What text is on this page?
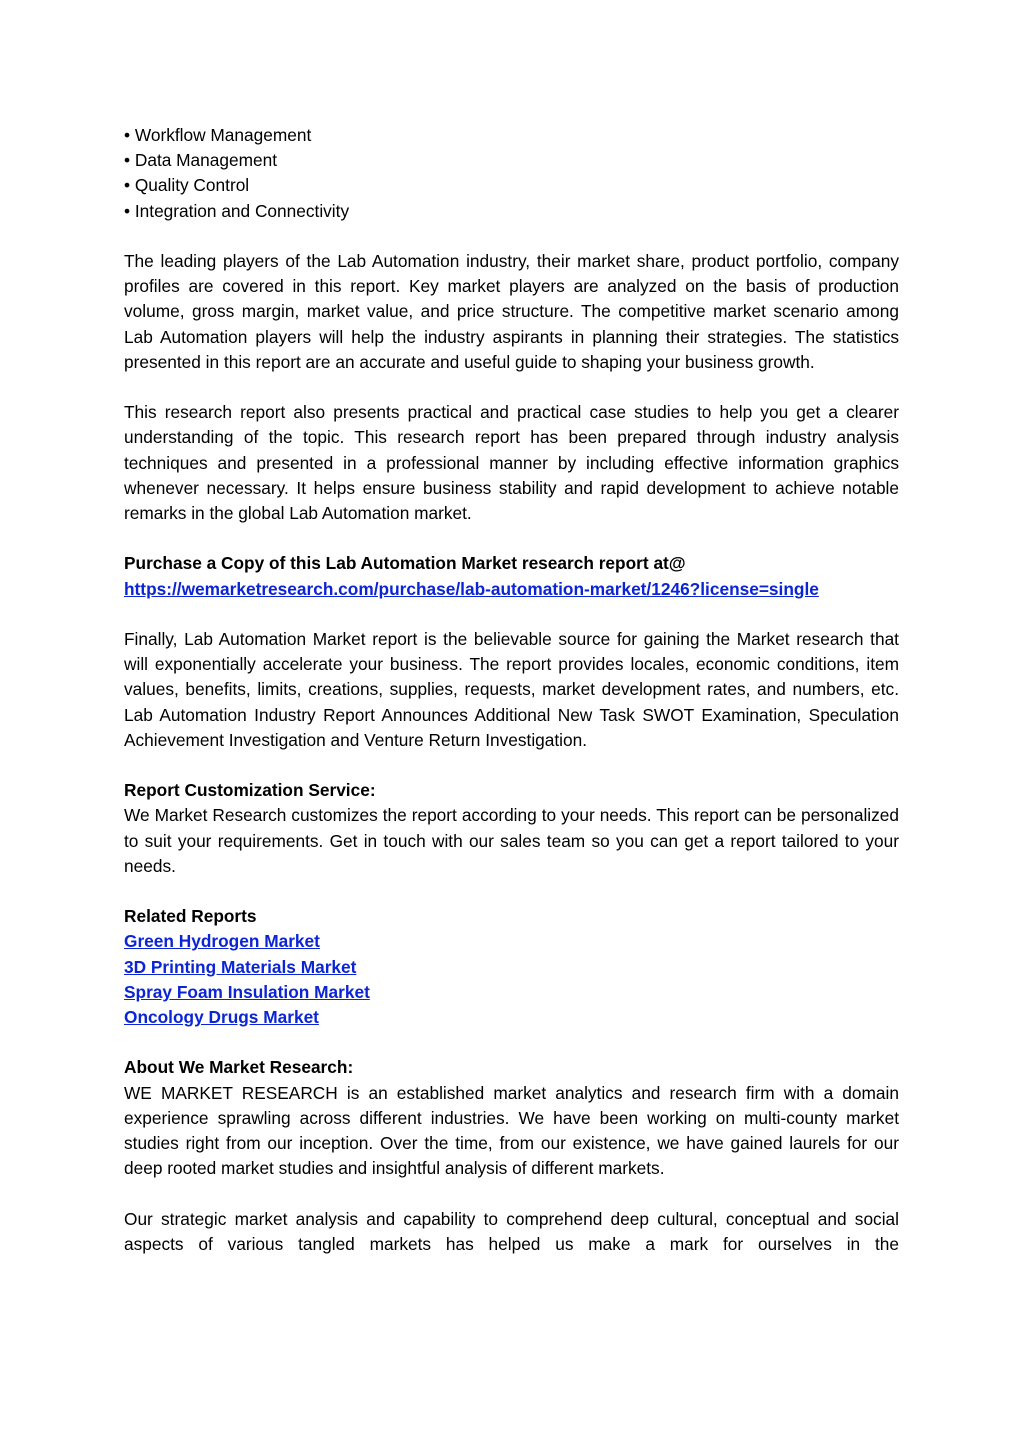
• Workflow Management
• Data Management
• Quality Control
• Integration and Connectivity

The leading players of the Lab Automation industry, their market share, product portfolio, company profiles are covered in this report. Key market players are analyzed on the basis of production volume, gross margin, market value, and price structure. The competitive market scenario among Lab Automation players will help the industry aspirants in planning their strategies. The statistics presented in this report are an accurate and useful guide to shaping your business growth.

This research report also presents practical and practical case studies to help you get a clearer understanding of the topic. This research report has been prepared through industry analysis techniques and presented in a professional manner by including effective information graphics whenever necessary. It helps ensure business stability and rapid development to achieve notable remarks in the global Lab Automation market.

Purchase a Copy of this Lab Automation Market research report at@
https://wemarketresearch.com/purchase/lab-automation-market/1246?license=single

Finally, Lab Automation Market report is the believable source for gaining the Market research that will exponentially accelerate your business. The report provides locales, economic conditions, item values, benefits, limits, creations, supplies, requests, market development rates, and numbers, etc. Lab Automation Industry Report Announces Additional New Task SWOT Examination, Speculation Achievement Investigation and Venture Return Investigation.

Report Customization Service:

We Market Research customizes the report according to your needs. This report can be personalized to suit your requirements. Get in touch with our sales team so you can get a report tailored to your needs.

Related Reports
Green Hydrogen Market
3D Printing Materials Market
Spray Foam Insulation Market
Oncology Drugs Market
About We Market Research:

WE MARKET RESEARCH is an established market analytics and research firm with a domain experience sprawling across different industries. We have been working on multi-county market studies right from our inception. Over the time, from our existence, we have gained laurels for our deep rooted market studies and insightful analysis of different markets.

Our strategic market analysis and capability to comprehend deep cultural, conceptual and social aspects of various tangled markets has helped us make a mark for ourselves in the
